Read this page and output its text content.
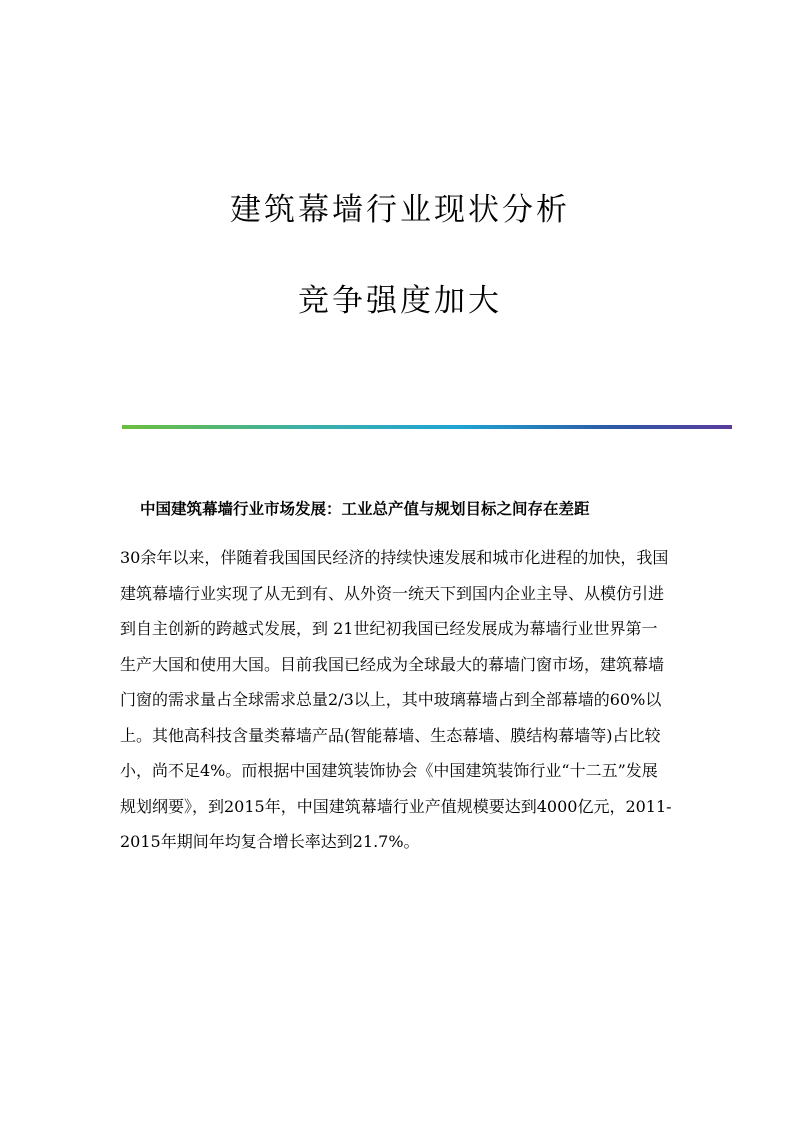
建筑幕墙行业现状分析
竞争强度加大
中国建筑幕墙行业市场发展：工业总产值与规划目标之间存在差距
30余年以来，伴随着我国国民经济的持续快速发展和城市化进程的加快，我国
建筑幕墙行业实现了从无到有、从外资一统天下到国内企业主导、从模仿引进
到自主创新的跨越式发展，到 21世纪初我国已经发展成为幕墙行业世界第一
生产大国和使用大国。目前我国已经成为全球最大的幕墙门窗市场，建筑幕墙
门窗的需求量占全球需求总量2/3以上，其中玻璃幕墙占到全部幕墙的60%以
上。其他高科技含量类幕墙产品(智能幕墙、生态幕墙、膜结构幕墙等)占比较
小，尚不足4%。而根据中国建筑装饰协会《中国建筑装饰行业“十二五”发展
规划纲要》，到2015年，中国建筑幕墙行业产值规模要达到4000亿元，2011-
2015年期间年均复合增长率达到21.7%。
